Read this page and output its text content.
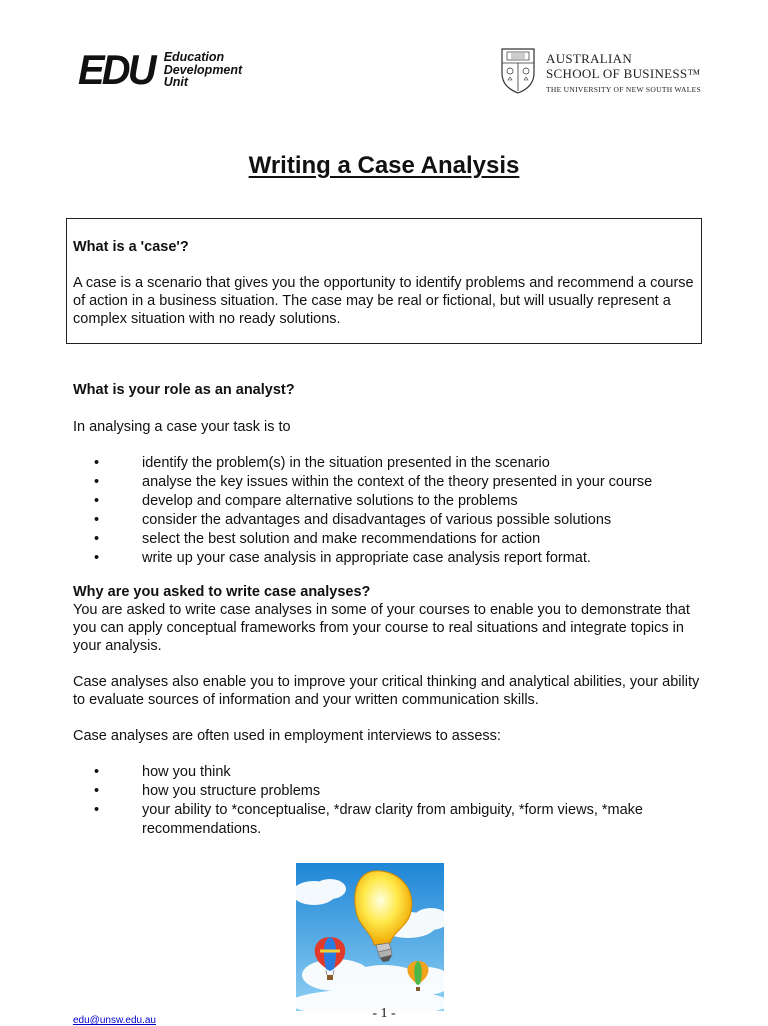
EDU Education
Development
Unit
AUSTRALIAN
SCHOOL OF BUSINESS™
THE UNIVERSITY OF NEW SOUTH WALES
Writing a Case Analysis
What is a 'case'?
A case is a scenario that gives you the opportunity to identify problems and recommend a course of action in a business situation. The case may be real or fictional, but will usually represent a complex situation with no ready solutions.
What is your role as an analyst?
In analysing a case your task is to
•	identify the problem(s) in the situation presented in the scenario
•	analyse the key issues within the context of the theory presented in your course
•	develop and compare alternative solutions to the problems
•	consider the advantages and disadvantages of various possible solutions
•	select the best solution and make recommendations for action
•	write up your case analysis in appropriate case analysis report format.
Why are you asked to write case analyses?
You are asked to write case analyses in some of your courses to enable you to demonstrate that you can apply conceptual frameworks from your course to real situations and integrate topics in your analysis.
Case analyses also enable you to improve your critical thinking and analytical abilities, your ability to evaluate sources of information and your written communication skills.
Case analyses are often used in employment interviews to assess:
•	how you think
•	how you structure problems
•	your ability to *conceptualise, *draw clarity from ambiguity, *form views, *make recommendations.
- 1 -
edu@unsw.edu.au
